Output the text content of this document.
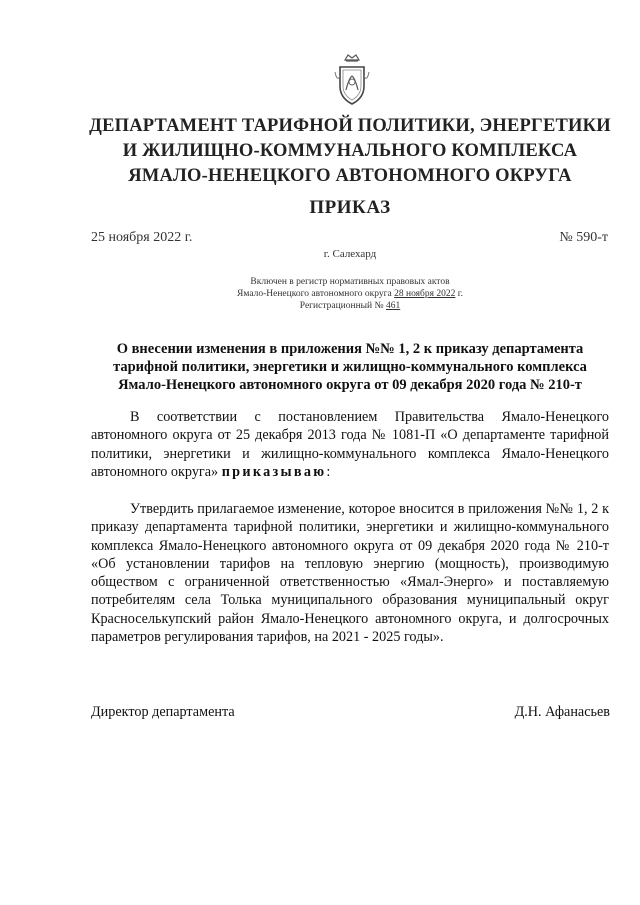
ДЕПАРТАМЕНТ ТАРИФНОЙ ПОЛИТИКИ, ЭНЕРГЕТИКИ
И ЖИЛИЩНО-КОММУНАЛЬНОГО КОМПЛЕКСА
ЯМАЛО-НЕНЕЦКОГО АВТОНОМНОГО ОКРУГА
ПРИКАЗ
25 ноября 2022 г.	№ 590-т
г. Салехард
Включен в регистр нормативных правовых актов
Ямало-Ненецкого автономного округа 28 ноября 2022 г.
Регистрационный № 461
О внесении изменения в приложения №№ 1, 2 к приказу департамента тарифной политики, энергетики и жилищно-коммунального комплекса Ямало-Ненецкого автономного округа от 09 декабря 2020 года № 210-т
В соответствии с постановлением Правительства Ямало-Ненецкого автономного округа от 25 декабря 2013 года № 1081-П «О департаменте тарифной политики, энергетики и жилищно-коммунального комплекса Ямало-Ненецкого автономного округа» приказываю:
Утвердить прилагаемое изменение, которое вносится в приложения №№ 1, 2 к приказу департамента тарифной политики, энергетики и жилищно-коммунального комплекса Ямало-Ненецкого автономного округа от 09 декабря 2020 года № 210-т «Об установлении тарифов на тепловую энергию (мощность), производимую обществом с ограниченной ответственностью «Ямал-Энерго» и поставляемую потребителям села Толька муниципального образования муниципальный округ Красноселькупский район Ямало-Ненецкого автономного округа, и долгосрочных параметров регулирования тарифов, на 2021 - 2025 годы».
Директор департамента	Д.Н. Афанасьев
